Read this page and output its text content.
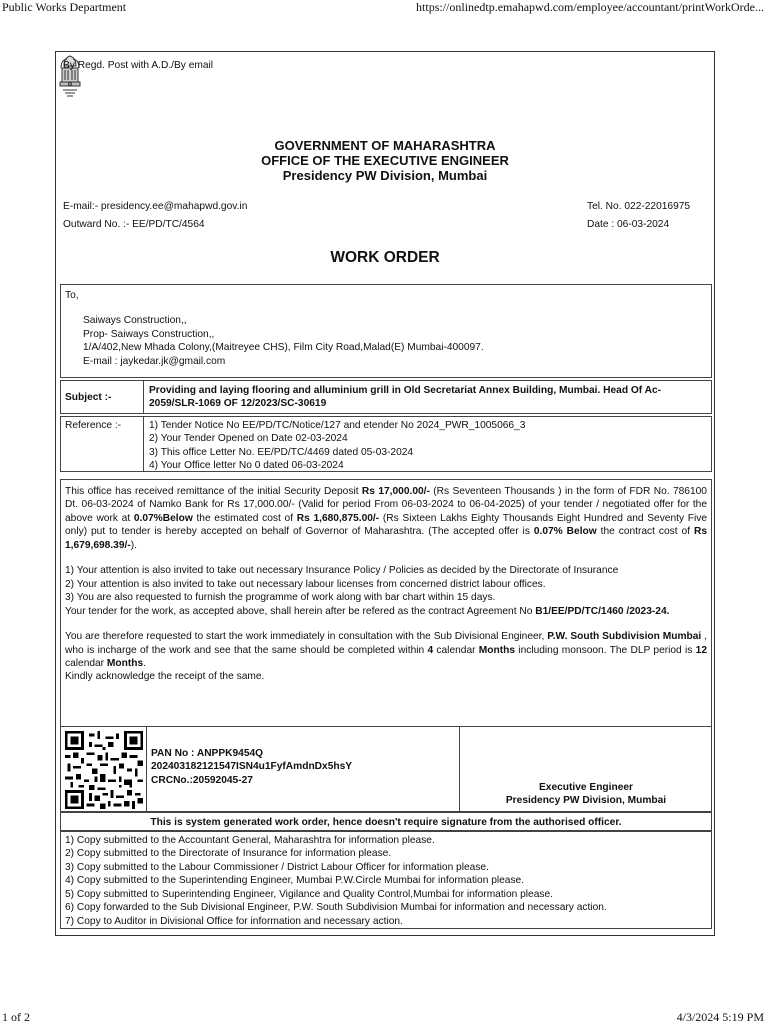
Public Works Department	https://onlinedtp.emahapwd.com/employee/accountant/printWorkOrde...
By Regd. Post with A.D./By email
GOVERNMENT OF MAHARASHTRA
OFFICE OF THE EXECUTIVE ENGINEER
Presidency PW Division, Mumbai
E-mail:- presidency.ee@mahapwd.gov.in	Tel. No. 022-22016975
Outward No. :- EE/PD/TC/4564	Date : 06-03-2024
WORK ORDER
To,
Saiways Construction,,
Prop- Saiways Construction,,
1/A/402,New Mhada Colony,(Maitreyee CHS), Film City Road,Malad(E) Mumbai-400097.
E-mail : jaykedar.jk@gmail.com
Subject :-
Providing and laying flooring and alluminium grill in Old Secretariat Annex Building, Mumbai. Head Of Ac-2059/SLR-1069 OF 12/2023/SC-30619
Reference :-	1) Tender Notice No EE/PD/TC/Notice/127 and etender No 2024_PWR_1005066_3
2) Your Tender Opened on Date 02-03-2024
3) This office Letter No. EE/PD/TC/4469 dated 05-03-2024
4) Your Office letter No 0 dated 06-03-2024

This office has received remittance of the initial Security Deposit Rs 17,000.00/- (Rs Seventeen Thousands ) in the form of FDR No. 786100 Dt. 06-03-2024 of Namko Bank for Rs 17,000.00/- (Valid for period From 06-03-2024 to 06-04-2025) of your tender / negotiated offer for the above work at 0.07%Below the estimated cost of Rs 1,680,875.00/- (Rs Sixteen Lakhs Eighty Thousands Eight Hundred and Seventy Five only) put to tender is hereby accepted on behalf of Governor of Maharashtra. (The accepted offer is 0.07% Below the contract cost of Rs 1,679,698.39/-).

1) Your attention is also invited to take out necessary Insurance Policy / Policies as decided by the Directorate of Insurance
2) Your attention is also invited to take out necessary labour licenses from concerned district labour offices.
3) You are also requested to furnish the programme of work along with bar chart within 15 days.
Your tender for the work, as accepted above, shall herein after be refered as the contract Agreement No B1/EE/PD/TC/1460 /2023-24.

You are therefore requested to start the work immediately in consultation with the Sub Divisional Engineer, P.W. South Subdivision Mumbai , who is incharge of the work and see that the same should be completed within 4 calendar Months including monsoon. The DLP period is 12 calendar Months.
Kindly acknowledge the receipt of the same.

PAN No : ANPPK9454Q
202403182121547ISN4u1FyfAmdnDx5hsY
CRCNo.:20592045-27
Executive Engineer
Presidency PW Division, Mumbai
This is system generated work order, hence doesn't require signature from the authorised officer.
1) Copy submitted to the Accountant General, Maharashtra for information please.
2) Copy submitted to the Directorate of Insurance for information please.
3) Copy submitted to the Labour Commissioner / District Labour Officer for information please.
4) Copy submitted to the Superintending Engineer, Mumbai P.W.Circle Mumbai for information please.
5) Copy submitted to Superintending Engineer, Vigilance and Quality Control,Mumbai for information please.
6) Copy forwarded to the Sub Divisional Engineer, P.W. South Subdivision Mumbai for information and necessary action.
7) Copy to Auditor in Divisional Office for information and necessary action.
1 of 2	4/3/2024 5:19 PM
